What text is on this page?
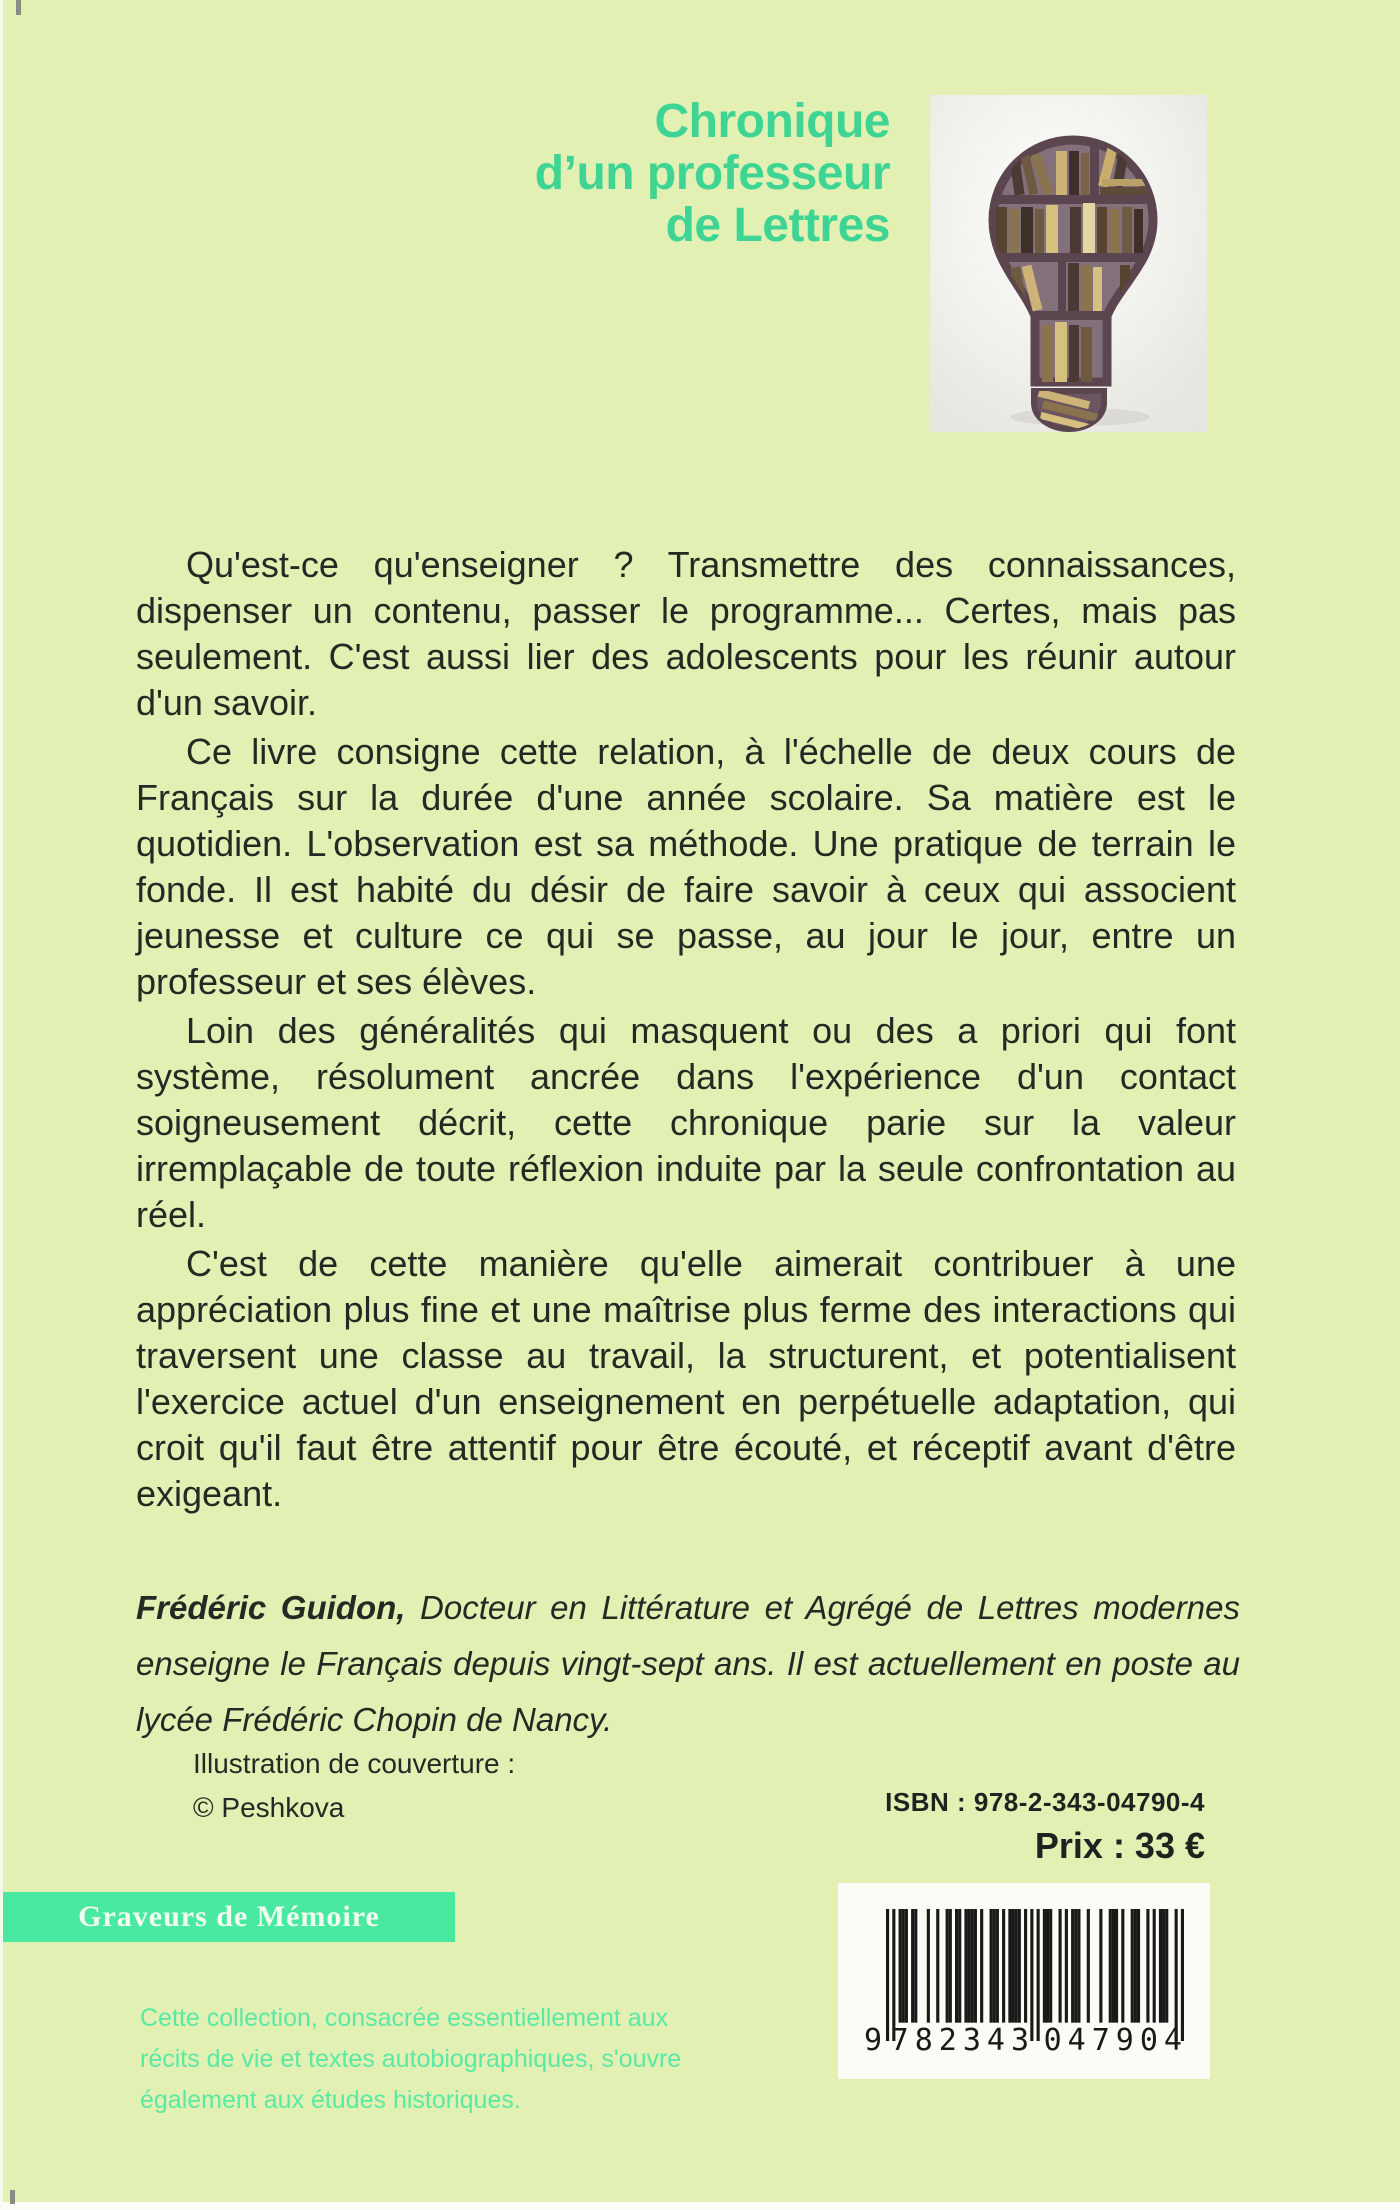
Chronique
d’un professeur
de Lettres

Qu'est-ce qu'enseigner ? Transmettre des connaissances, dispenser un contenu, passer le programme... Certes, mais pas seulement. C'est aussi lier des adolescents pour les réunir autour d'un savoir.

Ce livre consigne cette relation, à l'échelle de deux cours de Français sur la durée d'une année scolaire. Sa matière est le quotidien. L'observation est sa méthode. Une pratique de terrain le fonde. Il est habité du désir de faire savoir à ceux qui associent jeunesse et culture ce qui se passe, au jour le jour, entre un professeur et ses élèves.

Loin des généralités qui masquent ou des a priori qui font système, résolument ancrée dans l'expérience d'un contact soigneusement décrit, cette chronique parie sur la valeur irremplaçable de toute réflexion induite par la seule confrontation au réel.

C'est de cette manière qu'elle aimerait contribuer à une appréciation plus fine et une maîtrise plus ferme des interactions qui traversent une classe au travail, la structurent, et potentialisent l'exercice actuel d'un enseignement en perpétuelle adaptation, qui croit qu'il faut être attentif pour être écouté, et réceptif avant d'être exigeant.

Frédéric Guidon, Docteur en Littérature et Agrégé de Lettres modernes enseigne le Français depuis vingt-sept ans. Il est actuellement en poste au lycée Frédéric Chopin de Nancy.
Illustration de couverture :
© Peshkova	ISBN : 978-2-343-04790-4
Prix : 33 €
Graveurs de Mémoire
Cette collection, consacrée essentiellement aux
récits de vie et textes autobiographiques, s'ouvre
également aux études historiques.
9 782343 047904
